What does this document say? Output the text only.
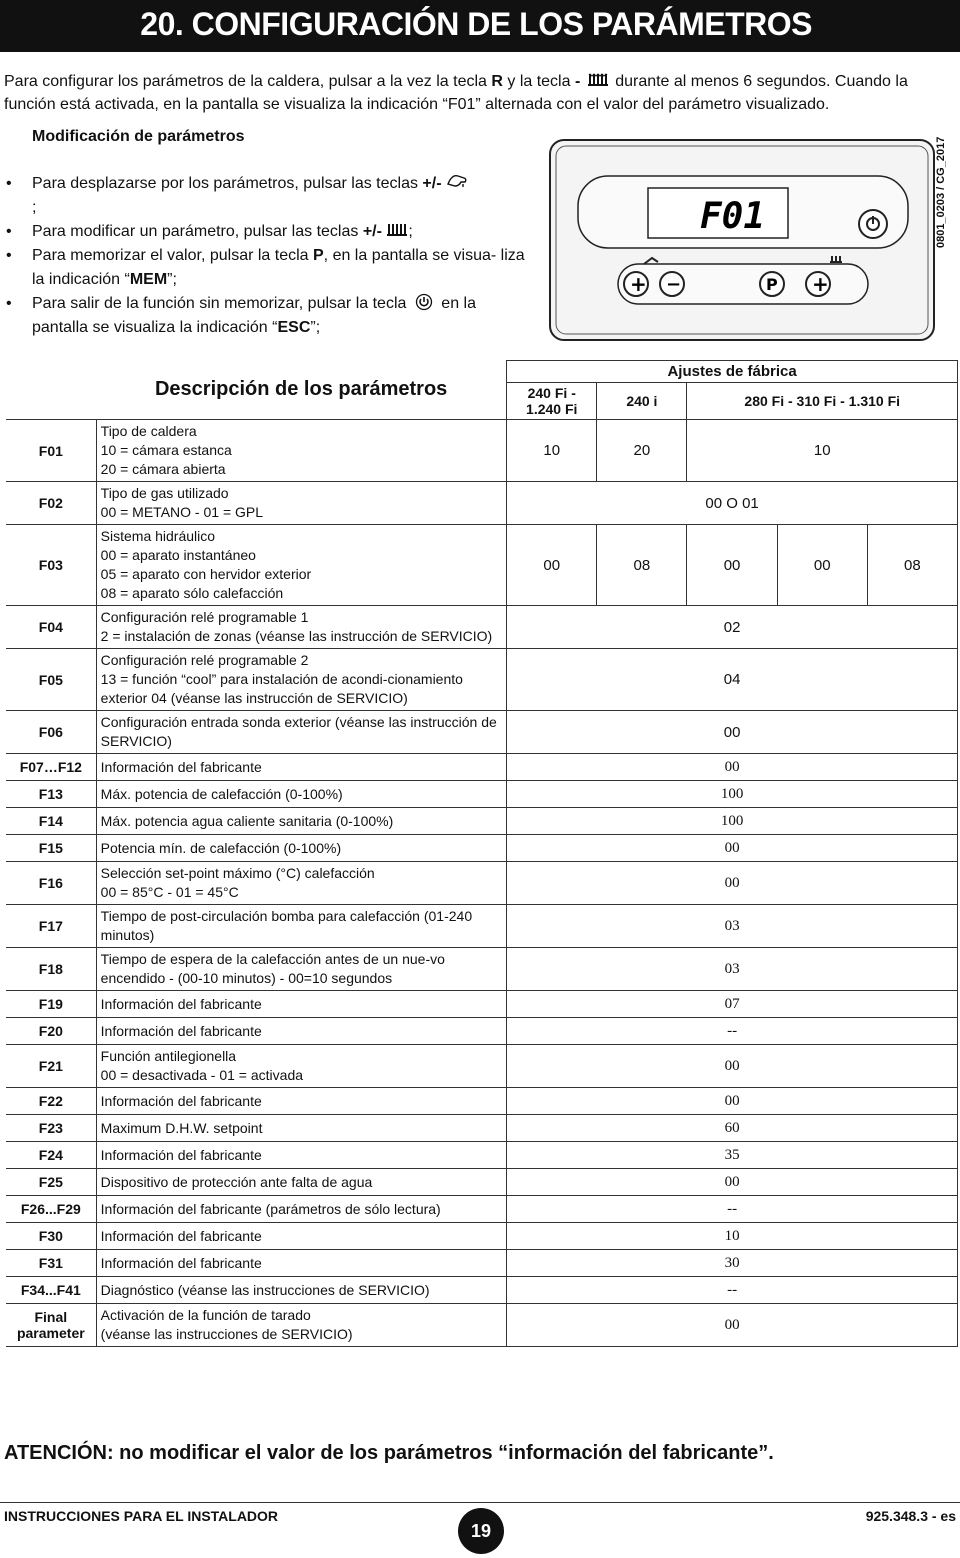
20. CONFIGURACIÓN DE LOS PARÁMETROS
Para configurar los parámetros de la caldera, pulsar a la vez la tecla R y la tecla -  durante al menos 6 segundos. Cuando la función está activada, en la pantalla se visualiza la indicación “F01” alternada con el valor del parámetro visualizado.
Modificación de parámetros
• Para desplazarse por los parámetros, pulsar las teclas +/-
;
• Para modificar un parámetro, pulsar las teclas +/- ;
• Para memorizar el valor, pulsar la tecla P, en la pantalla se visua- liza la indicación “MEM”;
• Para salir de la función sin memorizar, pulsar la tecla en la pantalla se visualiza la indicación “ESC”;
F01
+ −	P +
0801_0203 / CG_2017
	Descripción de los parámetros	Ajustes de fábrica				
		240 Fi - 1.240 Fi	240 i	280 Fi - 310 Fi - 1.310 Fi		
F01	Tipo de caldera
10 = cámara estanca
20 = cámara abierta	10	20	10		
F02	Tipo de gas utilizado
00 = METANO - 01 = GPL	00 O 01				
F03	Sistema hidráulico
00 = aparato instantáneo
05 = aparato con hervidor exterior
08 = aparato sólo calefacción	00	08	00	00	08
F04	Configuración relé programable 1
2 = instalación de zonas (véanse las instrucción de SERVICIO)	02				
F05	Configuración relé programable 2
13 = función “cool” para instalación de acondi-cionamiento exterior 04 (véanse las instrucción de SERVICIO)	04				
F06	Configuración entrada sonda exterior (véanse las instrucción de SERVICIO)	00				
F07…F12	Información del fabricante	00				
F13	Máx. potencia de calefacción (0-100%)	100				
F14	Máx. potencia agua caliente sanitaria (0-100%)	100				
F15	Potencia mín. de calefacción (0-100%)	00				
F16	Selección set-point máximo (°C) calefacción
00 = 85°C - 01 = 45°C	00				
F17	Tiempo de post-circulación bomba para calefacción (01-240 minutos)	03				
F18	Tiempo de espera de la calefacción antes de un nue-vo encendido - (00-10 minutos) - 00=10 segundos	03				
F19	Información del fabricante	07				
F20	Información del fabricante	--				
F21	Función antilegionella
00 = desactivada - 01 = activada	00				
F22	Información del fabricante	00				
F23	Maximum D.H.W. setpoint	60				
F24	Información del fabricante	35				
F25	Dispositivo de protección ante falta de agua	00				
F26...F29	Información del fabricante (parámetros de sólo lectura)	--				
F30	Información del fabricante	10				
F31	Información del fabricante	30				
F34...F41	Diagnóstico (véanse las instrucciones de SERVICIO)	--				
Final parameter	Activación de la función de tarado
(véanse las instrucciones de SERVICIO)	00				
ATENCIÓN: no modificar el valor de los parámetros “información del fabricante”.
INSTRUCCIONES PARA EL INSTALADOR
19
925.348.3 - es
